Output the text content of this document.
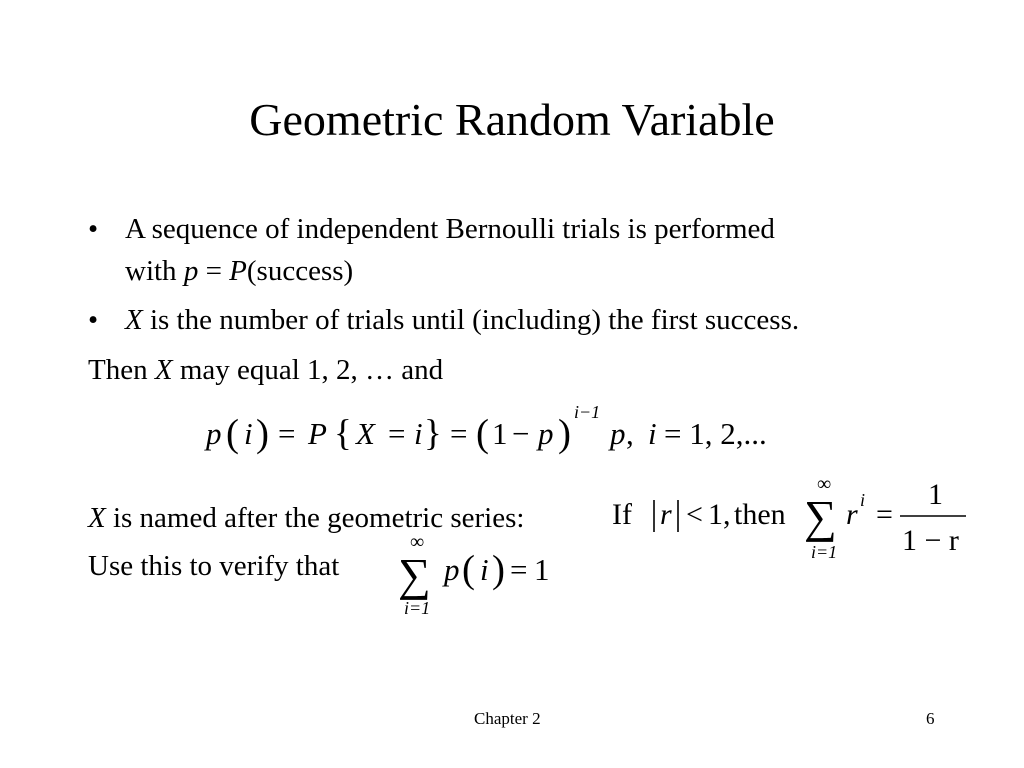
Geometric Random Variable
• A sequence of independent Bernoulli trials is performed
with p = P(success)
• X is the number of trials until (including) the first success.
Then X may equal 1, 2, … and
p ( i ) = P { X = i } = ( 1 − p ) i−1
p , i = 1, 2,...
X is named after the geometric series:	If r < 1, then
∞
∑
i=1
r i =
1
1 − r
Use this to verify that
∞
∑
i=1
p ( i ) = 1
Chapter 2	6
